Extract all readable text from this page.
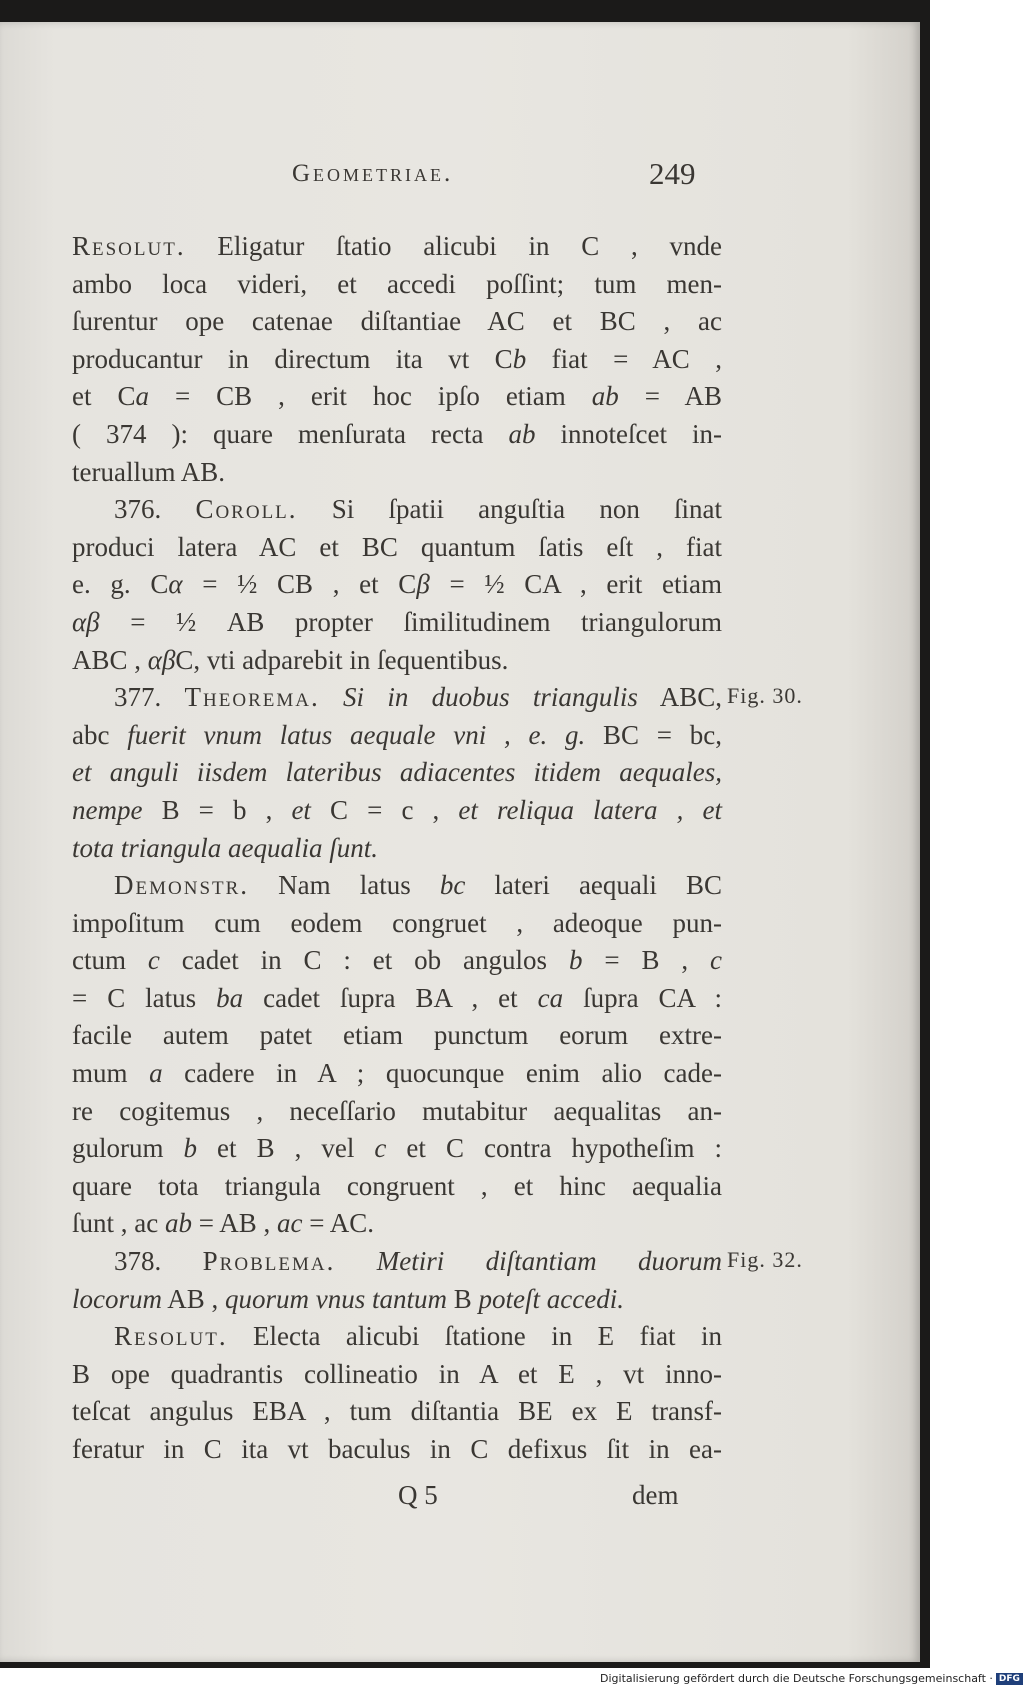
Geometriae.	249
Resolut. Eligatur ſtatio alicubi in C , vnde
ambo loca videri, et accedi poſſint; tum men-
ſurentur ope catenae diſtantiae AC et BC , ac
producantur in directum ita vt Cb fiat = AC ,
et Ca = CB , erit hoc ipſo etiam ab = AB
( 374 ): quare menſurata recta ab innoteſcet in-
teruallum AB.
376. Coroll. Si ſpatii anguſtia non ſinat
produci latera AC et BC quantum ſatis eſt , fiat
e. g. Cα = ½ CB , et Cβ = ½ CA , erit etiam
αβ = ½ AB propter ſimilitudinem triangulorum
ABC , αβC, vti adparebit in ſequentibus.
377. Theorema. Si in duobus triangulis ABC,
abc fuerit vnum latus aequale vni , e. g. BC = bc,
et anguli iisdem lateribus adiacentes itidem aequales,
nempe B = b , et C = c , et reliqua latera , et
tota triangula aequalia ſunt.
Demonstr. Nam latus bc lateri aequali BC
impoſitum cum eodem congruet , adeoque pun-
ctum c cadet in C : et ob angulos b = B , c
= C latus ba cadet ſupra BA , et ca ſupra CA :
facile autem patet etiam punctum eorum extre-
mum a cadere in A ; quocunque enim alio cade-
re cogitemus , neceſſario mutabitur aequalitas an-
gulorum b et B , vel c et C contra hypotheſim :
quare tota triangula congruent , et hinc aequalia
ſunt , ac ab = AB , ac = AC.
378. Problema. Metiri diſtantiam duorum
locorum AB , quorum vnus tantum B poteſt accedi.
Resolut. Electa alicubi ſtatione in E fiat in
B ope quadrantis collineatio in A et E , vt inno-
teſcat angulus EBA , tum diſtantia BE ex E transf-
feratur in C ita vt baculus in C defixus ſit in ea-
Fig. 30.
Fig. 32.
Q 5	dem
Digitalisierung gefördert durch die Deutsche Forschungsgemeinschaft · DFG
